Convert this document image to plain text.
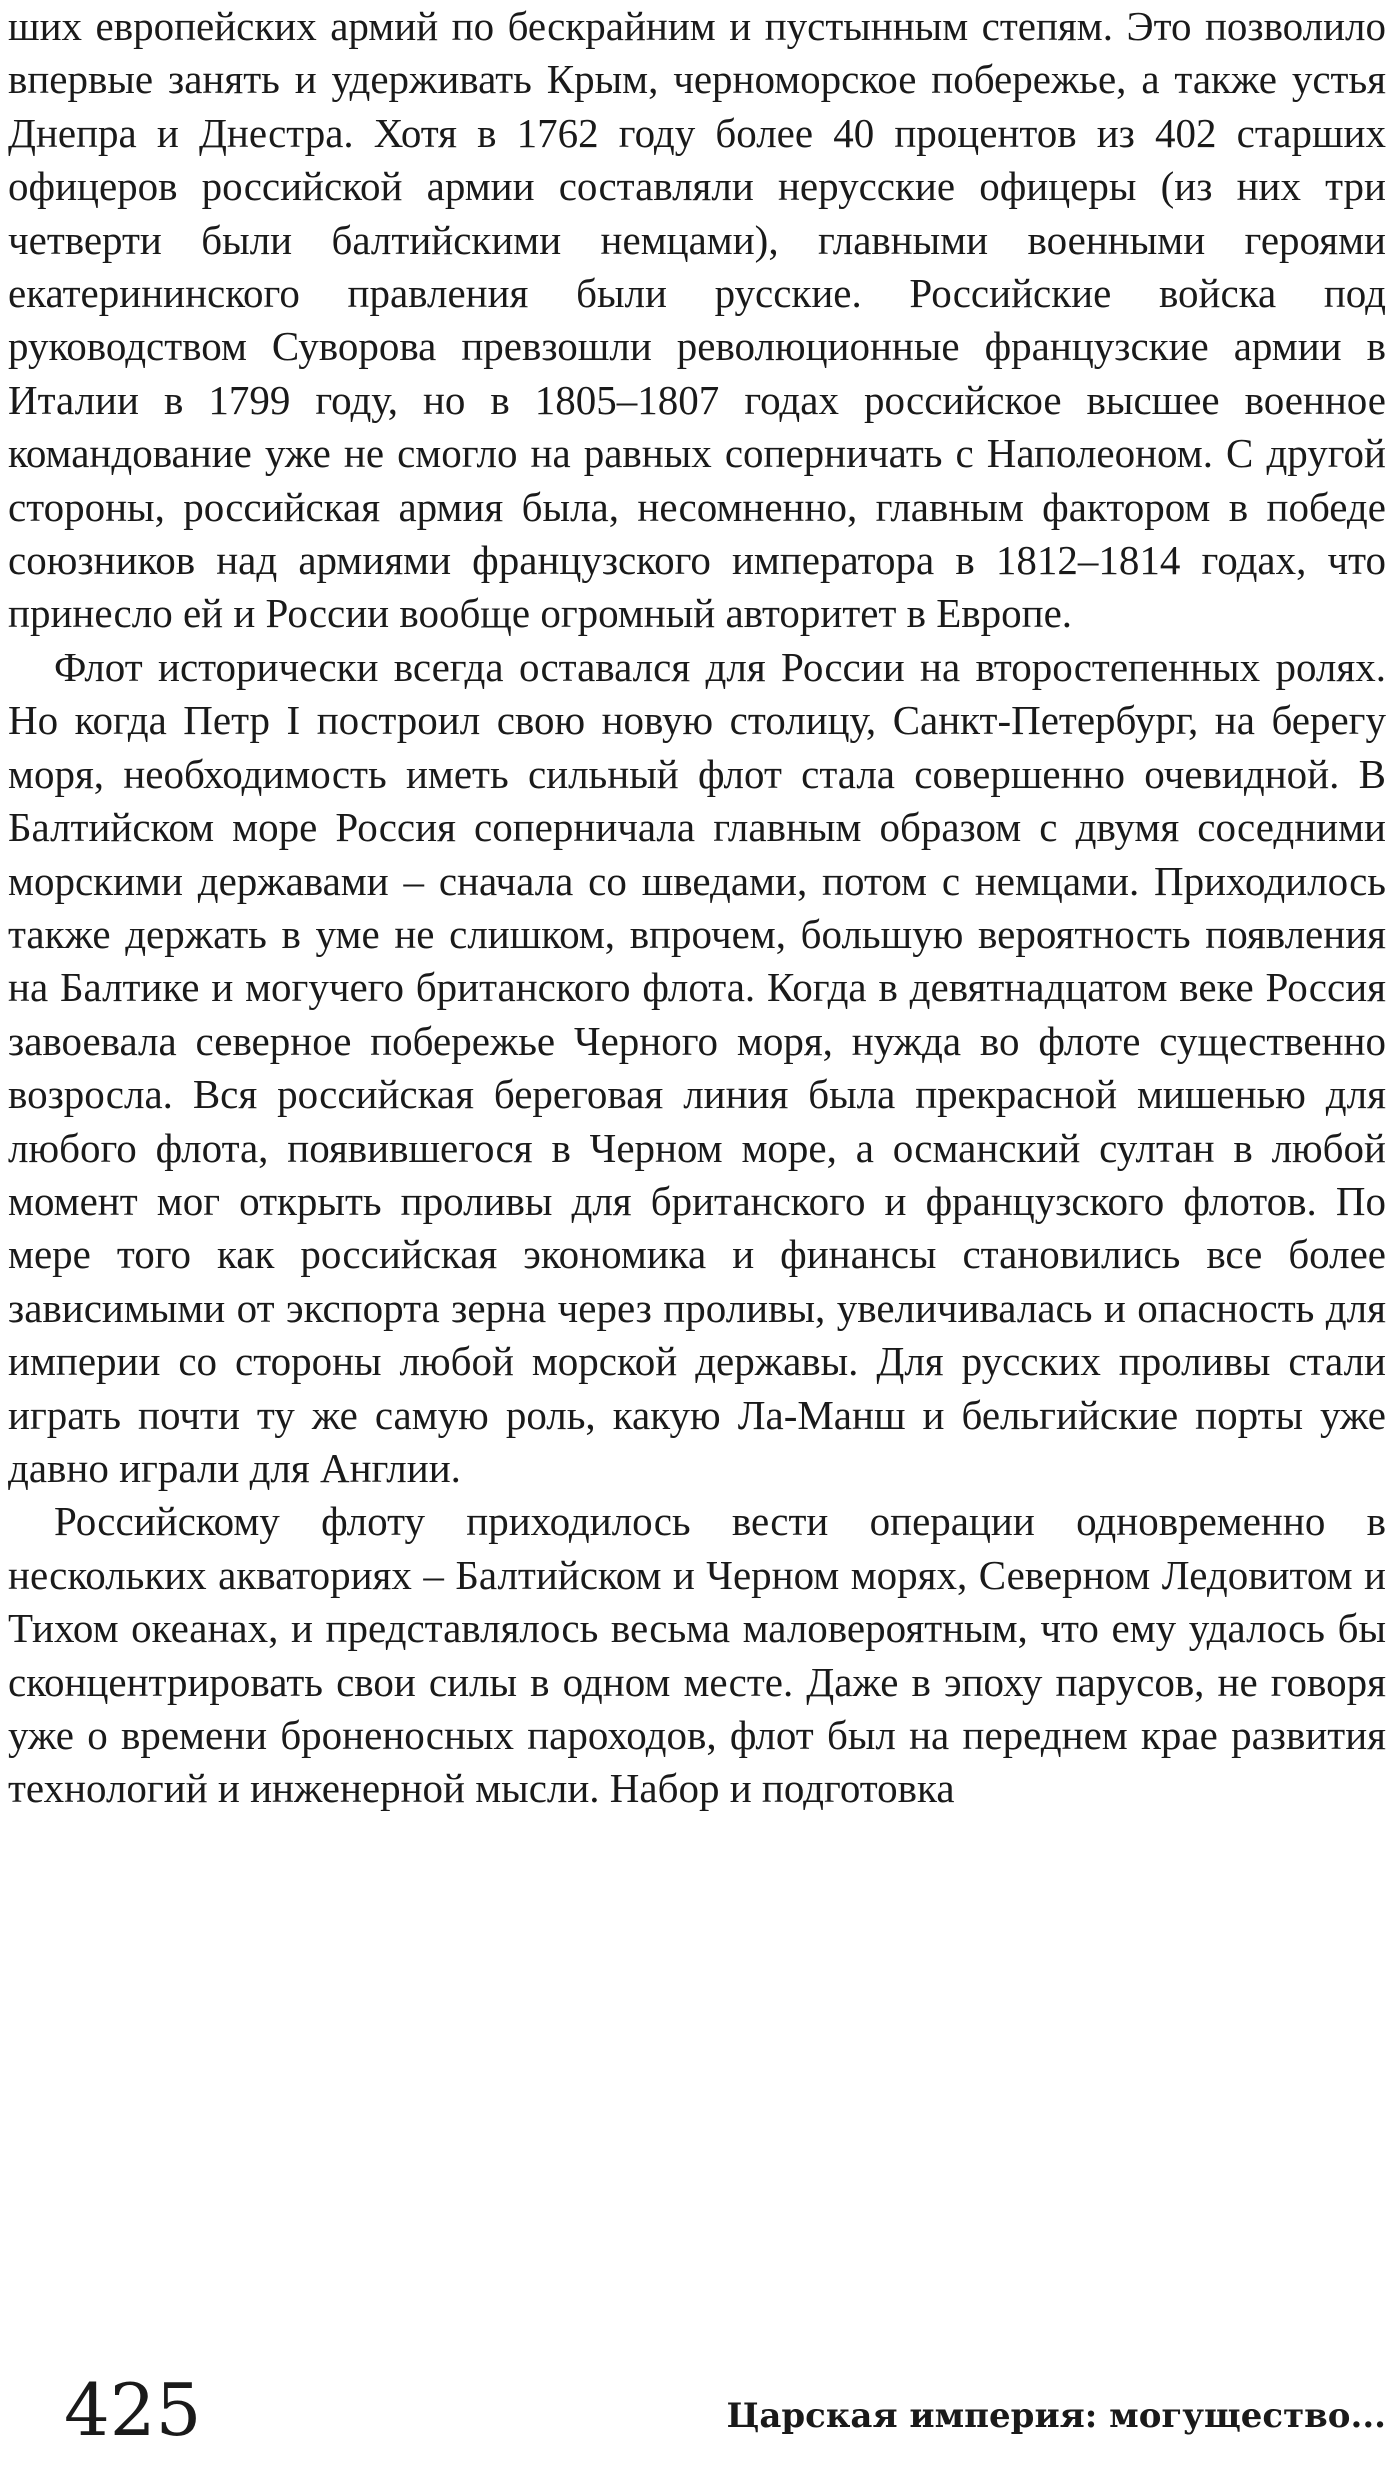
ших европейских армий по бескрайним и пустынным степям. Это позволило впервые занять и удерживать Крым, черноморское побережье, а также устья Днепра и Днестра. Хотя в 1762 году более 40 процентов из 402 старших офицеров российской армии составляли нерусские офицеры (из них три четверти были балтийскими немцами), главными военными героями екатерининского правления были русские. Российские войска под руководством Суворова превзошли революционные французские армии в Италии в 1799 году, но в 1805–1807 годах российское высшее военное командование уже не смогло на равных соперничать с Наполеоном. С другой стороны, российская армия была, несомненно, главным фактором в победе союзников над армиями французского императора в 1812–1814 годах, что принесло ей и России вообще огромный авторитет в Европе.

Флот исторически всегда оставался для России на второстепенных ролях. Но когда Петр I построил свою новую столицу, Санкт-Петербург, на берегу моря, необходимость иметь сильный флот стала совершенно очевидной. В Балтийском море Россия соперничала главным образом с двумя соседними морскими державами – сначала со шведами, потом с немцами. Приходилось также держать в уме не слишком, впрочем, большую вероятность появления на Балтике и могучего британского флота. Когда в девятнадцатом веке Россия завоевала северное побережье Черного моря, нужда во флоте существенно возросла. Вся российская береговая линия была прекрасной мишенью для любого флота, появившегося в Черном море, а османский султан в любой момент мог открыть проливы для британского и французского флотов. По мере того как российская экономика и финансы становились все более зависимыми от экспорта зерна через проливы, увеличивалась и опасность для империи со стороны любой морской державы. Для русских проливы стали играть почти ту же самую роль, какую Ла-Манш и бельгийские порты уже давно играли для Англии.

Российскому флоту приходилось вести операции одновременно в нескольких акваториях – Балтийском и Черном морях, Северном Ледовитом и Тихом океанах, и представлялось весьма маловероятным, что ему удалось бы сконцентрировать свои силы в одном месте. Даже в эпоху парусов, не говоря уже о времени броненосных пароходов, флот был на переднем крае развития технологий и инженерной мысли. Набор и подготовка

425	Царская империя: могущество...
